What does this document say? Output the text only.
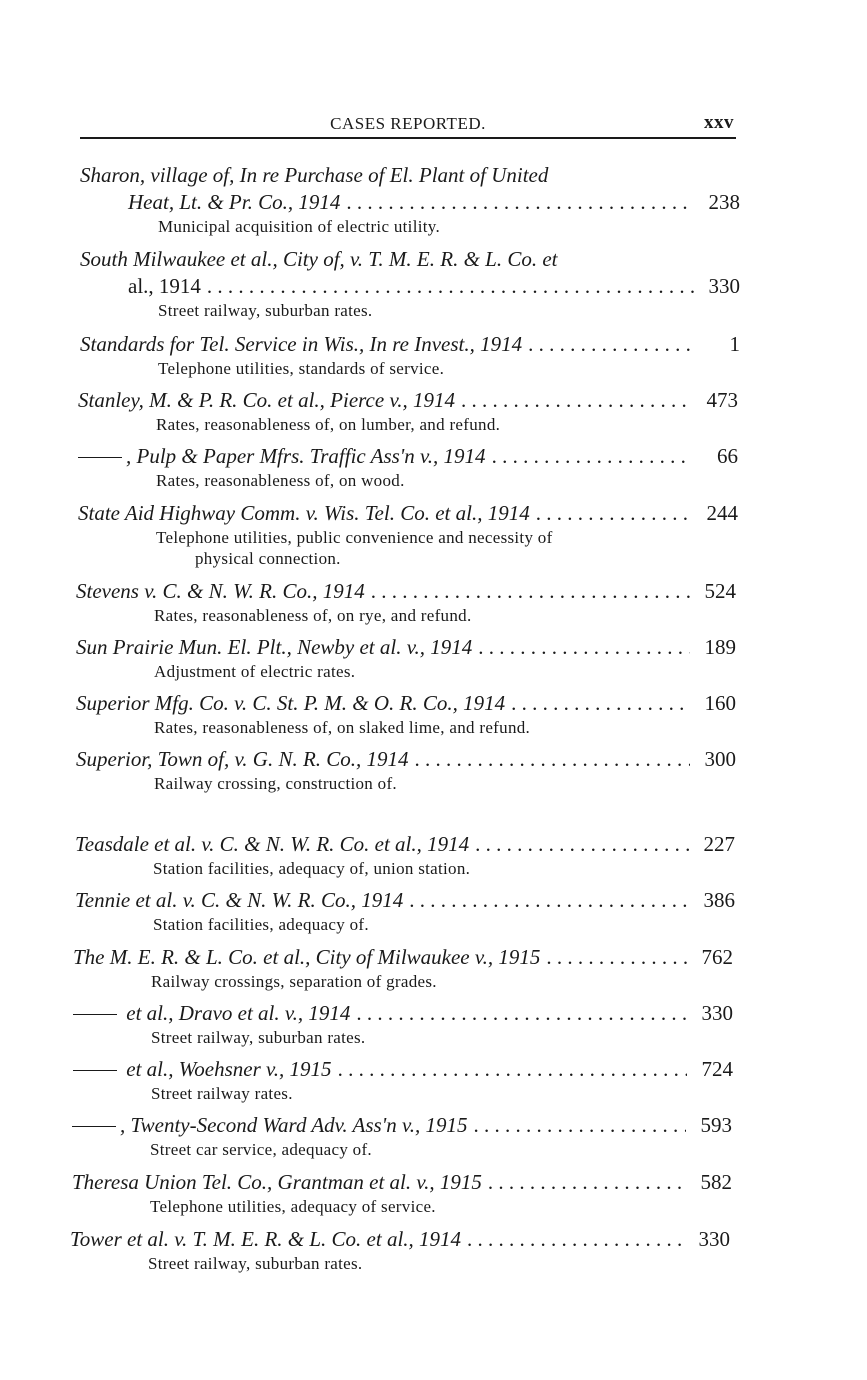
CASES REPORTED.	xxv
Sharon, village of, In re Purchase of El. Plant of United
Heat, Lt. & Pr. Co., 1914 . . .	238
Municipal acquisition of electric utility.
South Milwaukee et al., City of, v. T. M. E. R. & L. Co. et
al., 1914 . . .	330
Street railway, suburban rates.
Standards for Tel. Service in Wis., In re Invest., 1914 . . .	1
Telephone utilities, standards of service.
Stanley, M. & P. R. Co. et al., Pierce v., 1914 . . .	473
Rates, reasonableness of, on lumber, and refund.
, Pulp & Paper Mfrs. Traffic Ass'n v., 1914 . . .	66
Rates, reasonableness of, on wood.
State Aid Highway Comm. v. Wis. Tel. Co. et al., 1914 . . .	244
Telephone utilities, public convenience and necessity of
physical connection.
Stevens v. C. & N. W. R. Co., 1914 . . .	524
Rates, reasonableness of, on rye, and refund.
Sun Prairie Mun. El. Plt., Newby et al. v., 1914 . . .	189
Adjustment of electric rates.
Superior Mfg. Co. v. C. St. P. M. & O. R. Co., 1914 . . .	160
Rates, reasonableness of, on slaked lime, and refund.
Superior, Town of, v. G. N. R. Co., 1914 . . .	300
Railway crossing, construction of.
Teasdale et al. v. C. & N. W. R. Co. et al., 1914 . . .	227
Station facilities, adequacy of, union station.
Tennie et al. v. C. & N. W. R. Co., 1914 . . .	386
Station facilities, adequacy of.
The M. E. R. & L. Co. et al., City of Milwaukee v., 1915 . . .	762
Railway crossings, separation of grades.
et al., Dravo et al. v., 1914 . . .	330
Street railway, suburban rates.
et al., Woehsner v., 1915 . . .	724
Street railway rates.
, Twenty-Second Ward Adv. Ass'n v., 1915 . . .	593
Street car service, adequacy of.
Theresa Union Tel. Co., Grantman et al. v., 1915 . . .	582
Telephone utilities, adequacy of service.
Tower et al. v. T. M. E. R. & L. Co. et al., 1914 . . .	330
Street railway, suburban rates.
